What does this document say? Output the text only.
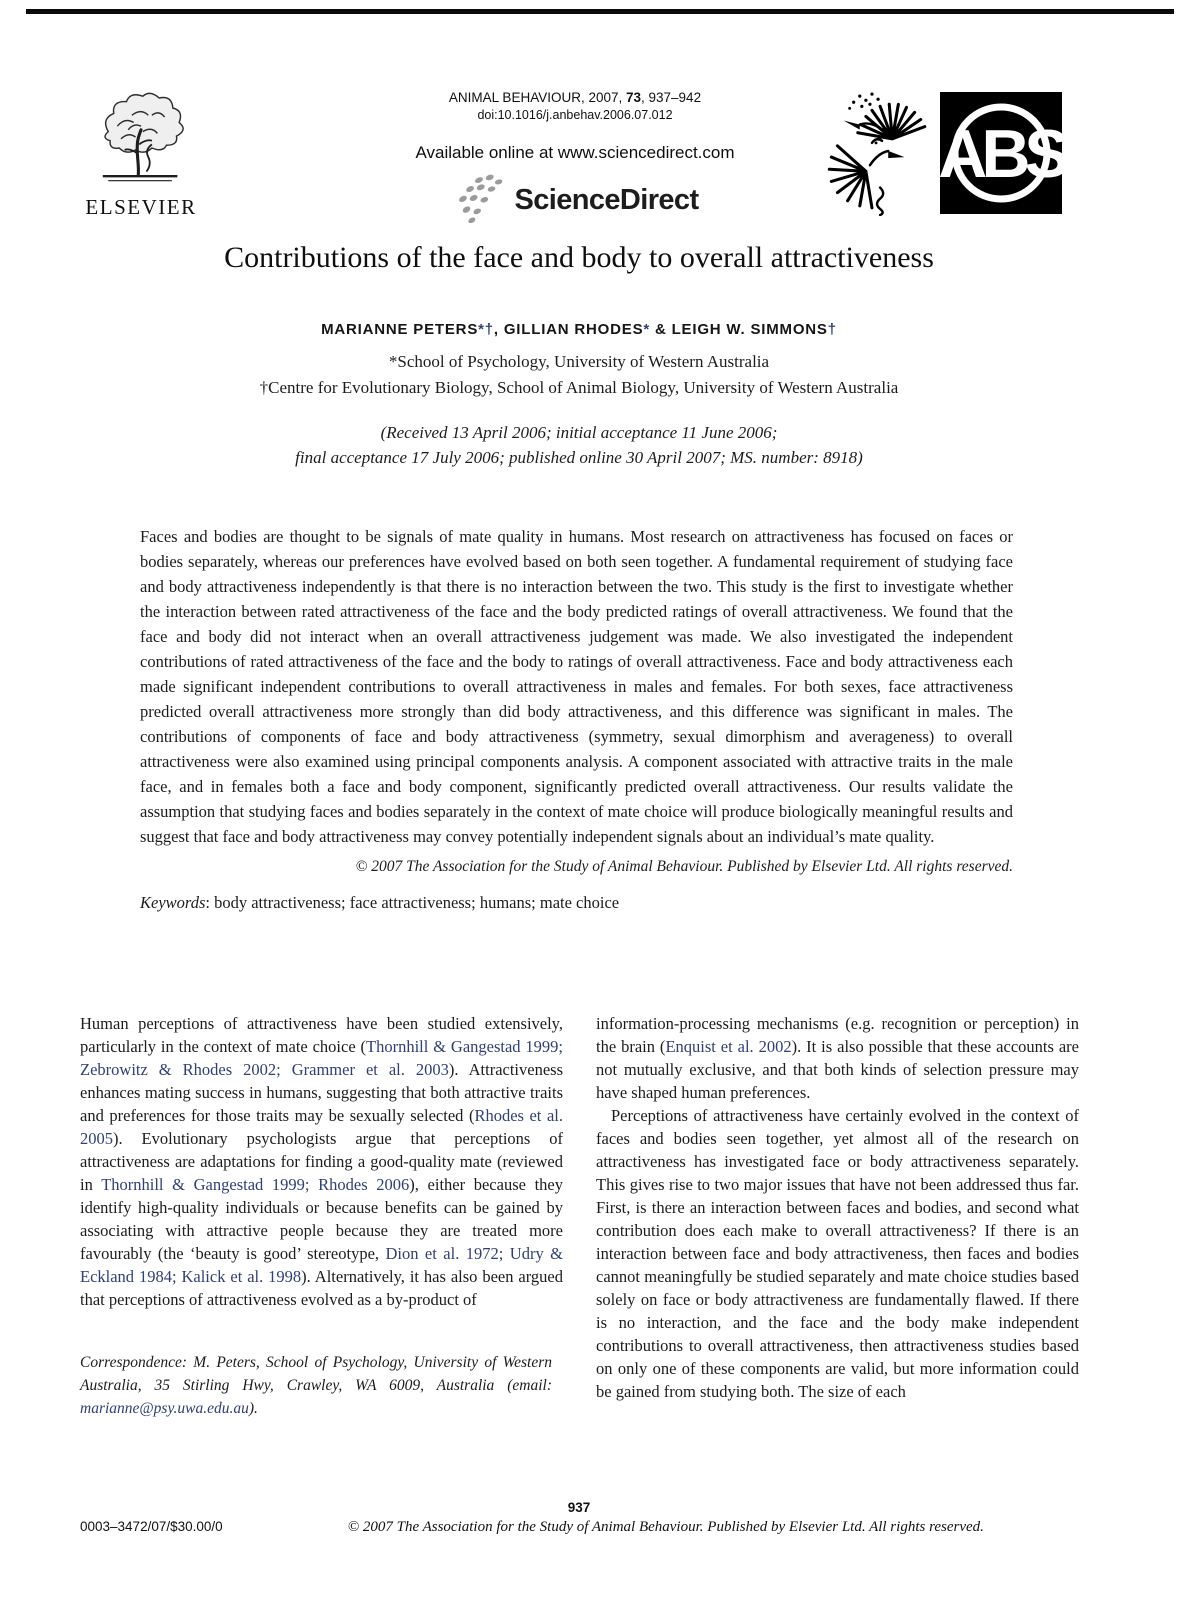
ELSEVIER
ANIMAL BEHAVIOUR, 2007, 73, 937–942
doi:10.1016/j.anbehav.2006.07.012
Available online at www.sciencedirect.com
ScienceDirect
ABS
Contributions of the face and body to overall attractiveness
MARIANNE PETERS*†, GILLIAN RHODES* & LEIGH W. SIMMONS†
*School of Psychology, University of Western Australia
†Centre for Evolutionary Biology, School of Animal Biology, University of Western Australia
(Received 13 April 2006; initial acceptance 11 June 2006;
final acceptance 17 July 2006; published online 30 April 2007; MS. number: 8918)
Faces and bodies are thought to be signals of mate quality in humans. Most research on attractiveness has focused on faces or bodies separately, whereas our preferences have evolved based on both seen together. A fundamental requirement of studying face and body attractiveness independently is that there is no interaction between the two. This study is the first to investigate whether the interaction between rated attractiveness of the face and the body predicted ratings of overall attractiveness. We found that the face and body did not interact when an overall attractiveness judgement was made. We also investigated the independent contributions of rated attractiveness of the face and the body to ratings of overall attractiveness. Face and body attractiveness each made significant independent contributions to overall attractiveness in males and females. For both sexes, face attractiveness predicted overall attractiveness more strongly than did body attractiveness, and this difference was significant in males. The contributions of components of face and body attractiveness (symmetry, sexual dimorphism and averageness) to overall attractiveness were also examined using principal components analysis. A component associated with attractive traits in the male face, and in females both a face and body component, significantly predicted overall attractiveness. Our results validate the assumption that studying faces and bodies separately in the context of mate choice will produce biologically meaningful results and suggest that face and body attractiveness may convey potentially independent signals about an individual’s mate quality.
© 2007 The Association for the Study of Animal Behaviour. Published by Elsevier Ltd. All rights reserved.
Keywords: body attractiveness; face attractiveness; humans; mate choice

Human perceptions of attractiveness have been studied extensively, particularly in the context of mate choice (Thornhill & Gangestad 1999; Zebrowitz & Rhodes 2002; Grammer et al. 2003). Attractiveness enhances mating success in humans, suggesting that both attractive traits and preferences for those traits may be sexually selected (Rhodes et al. 2005). Evolutionary psychologists argue that perceptions of attractiveness are adaptations for finding a good-quality mate (reviewed in Thornhill & Gangestad 1999; Rhodes 2006), either because they identify high-quality individuals or because benefits can be gained by associating with attractive people because they are treated more favourably (the ‘beauty is good’ stereotype, Dion et al. 1972; Udry & Eckland 1984; Kalick et al. 1998). Alternatively, it has also been argued that perceptions of attractiveness evolved as a by-product of

Correspondence: M. Peters, School of Psychology, University of Western Australia, 35 Stirling Hwy, Crawley, WA 6009, Australia (email: marianne@psy.uwa.edu.au).

information-processing mechanisms (e.g. recognition or perception) in the brain (Enquist et al. 2002). It is also possible that these accounts are not mutually exclusive, and that both kinds of selection pressure may have shaped human preferences.

Perceptions of attractiveness have certainly evolved in the context of faces and bodies seen together, yet almost all of the research on attractiveness has investigated face or body attractiveness separately. This gives rise to two major issues that have not been addressed thus far. First, is there an interaction between faces and bodies, and second what contribution does each make to overall attractiveness? If there is an interaction between face and body attractiveness, then faces and bodies cannot meaningfully be studied separately and mate choice studies based solely on face or body attractiveness are fundamentally flawed. If there is no interaction, and the face and the body make independent contributions to overall attractiveness, then attractiveness studies based on only one of these components are valid, but more information could be gained from studying both. The size of each

937
0003–3472/07/$30.00/0	© 2007 The Association for the Study of Animal Behaviour. Published by Elsevier Ltd. All rights reserved.
